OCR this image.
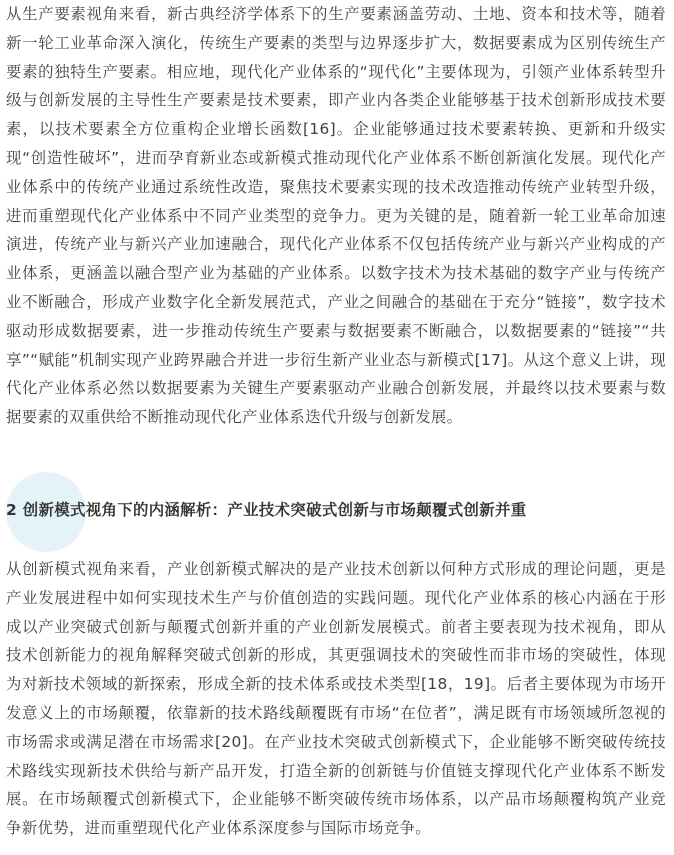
从生产要素视角来看，新古典经济学体系下的生产要素涵盖劳动、土地、资本和技术等，随着新一轮工业革命深入演化，传统生产要素的类型与边界逐步扩大，数据要素成为区别传统生产要素的独特生产要素。相应地，现代化产业体系的“现代化”主要体现为，引领产业体系转型升级与创新发展的主导性生产要素是技术要素，即产业内各类企业能够基于技术创新形成技术要素，以技术要素全方位重构企业增长函数[16]。企业能够通过技术要素转换、更新和升级实现“创造性破坏”，进而孕育新业态或新模式推动现代化产业体系不断创新演化发展。现代化产业体系中的传统产业通过系统性改造，聚焦技术要素实现的技术改造推动传统产业转型升级，进而重塑现代化产业体系中不同产业类型的竞争力。更为关键的是，随着新一轮工业革命加速演进，传统产业与新兴产业加速融合，现代化产业体系不仅包括传统产业与新兴产业构成的产业体系，更涵盖以融合型产业为基础的产业体系。以数字技术为技术基础的数字产业与传统产业不断融合，形成产业数字化全新发展范式，产业之间融合的基础在于充分“链接”，数字技术驱动形成数据要素，进一步推动传统生产要素与数据要素不断融合，以数据要素的“链接”“共享”“赋能”机制实现产业跨界融合并进一步衍生新产业业态与新模式[17]。从这个意义上讲，现代化产业体系必然以数据要素为关键生产要素驱动产业融合创新发展，并最终以技术要素与数据要素的双重供给不断推动现代化产业体系迭代升级与创新发展。

2 创新模式视角下的内涵解析：产业技术突破式创新与市场颠覆式创新并重

从创新模式视角来看，产业创新模式解决的是产业技术创新以何种方式形成的理论问题，更是产业发展进程中如何实现技术生产与价值创造的实践问题。现代化产业体系的核心内涵在于形成以产业突破式创新与颠覆式创新并重的产业创新发展模式。前者主要表现为技术视角，即从技术创新能力的视角解释突破式创新的形成，其更强调技术的突破性而非市场的突破性，体现为对新技术领域的新探索，形成全新的技术体系或技术类型[18，19]。后者主要体现为市场开发意义上的市场颠覆，依靠新的技术路线颠覆既有市场“在位者”，满足既有市场领域所忽视的市场需求或满足潜在市场需求[20]。在产业技术突破式创新模式下，企业能够不断突破传统技术路线实现新技术供给与新产品开发，打造全新的创新链与价值链支撑现代化产业体系不断发展。在市场颠覆式创新模式下，企业能够不断突破传统市场体系，以产品市场颠覆构筑产业竞争新优势，进而重塑现代化产业体系深度参与国际市场竞争。
